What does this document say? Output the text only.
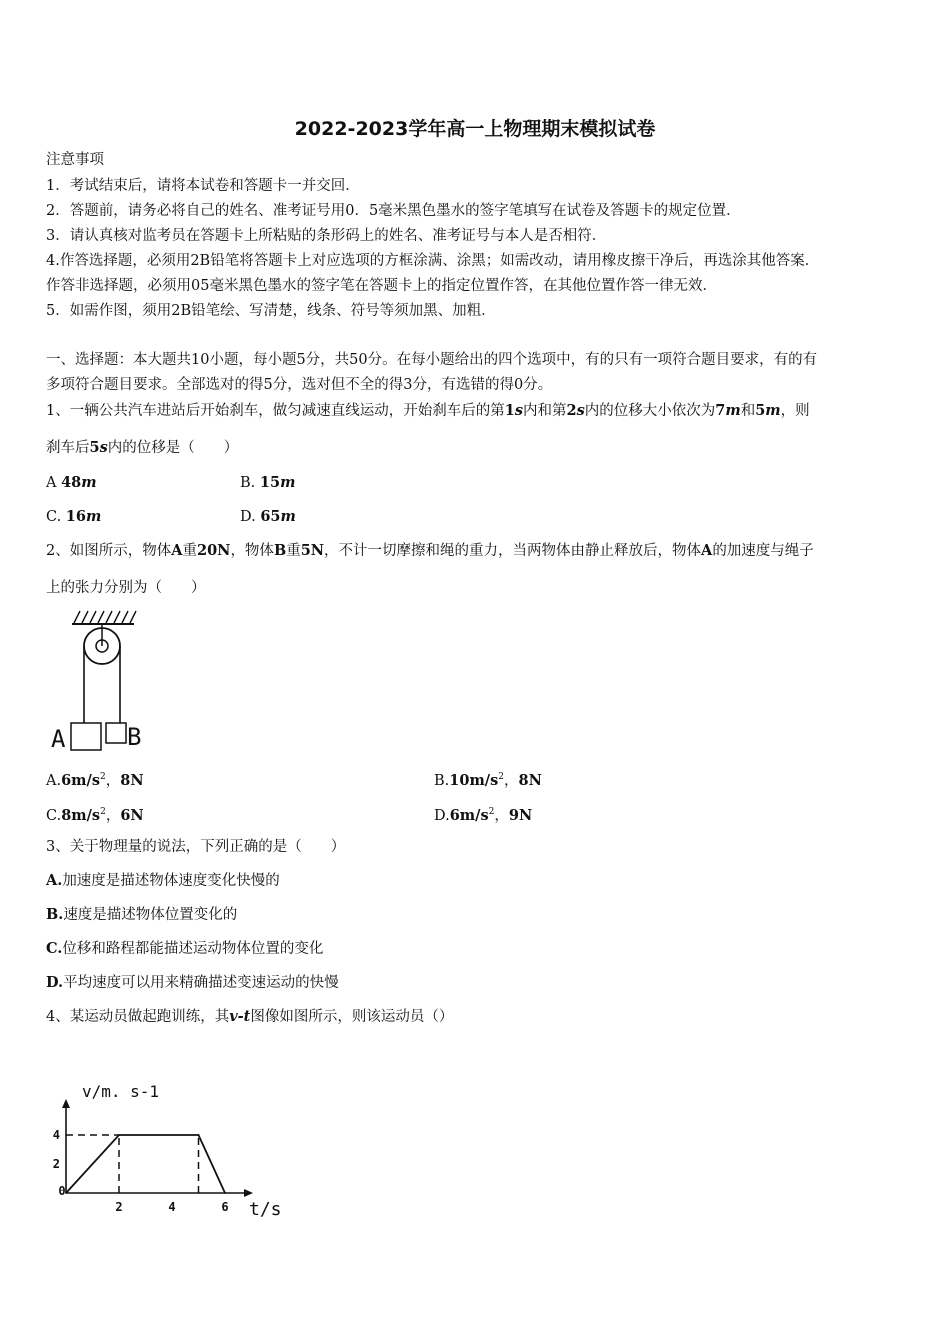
2022-2023学年高一上物理期末模拟试卷
注意事项
1．考试结束后，请将本试卷和答题卡一并交回．
2．答题前，请务必将自己的姓名、准考证号用0．5毫米黑色墨水的签字笔填写在试卷及答题卡的规定位置．
3．请认真核对监考员在答题卡上所粘贴的条形码上的姓名、准考证号与本人是否相符．
4.作答选择题，必须用2B铅笔将答题卡上对应选项的方框涂满、涂黑；如需改动，请用橡皮擦干净后，再选涂其他答案．
作答非选择题，必须用05毫米黑色墨水的签字笔在答题卡上的指定位置作答，在其他位置作答一律无效．
5．如需作图，须用2B铅笔绘、写清楚，线条、符号等须加黑、加粗．
一、选择题：本大题共10小题，每小题5分，共50分。在每小题给出的四个选项中，有的只有一项符合题目要求，有的有
多项符合题目要求。全部选对的得5分，选对但不全的得3分，有选错的得0分。
1、一辆公共汽车进站后开始刹车，做匀减速直线运动，开始刹车后的第1s内和第2s内的位移大小依次为7m和5m，则
刹车后5s内的位移是（　　）
A 48m	B. 15m
C. 16m	D. 65m
2、如图所示，物体A重20N，物体B重5N，不计一切摩擦和绳的重力，当两物体由静止释放后，物体A的加速度与绳子
上的张力分别为（　　）
A	B
$A.6m/s^2$，8N	$B.10m/s^2$，8N
$C.8m/s^2$，6N	$D.6m/s^2$，9N
3、关于物理量的说法，下列正确的是（　　）
A.加速度是描述物体速度变化快慢的
B.速度是描述物体位置变化的
C.位移和路程都能描述运动物体位置的变化
D.平均速度可以用来精确描述变速运动的快慢
4、某运动员做起跑训练，其v-t图像如图所示，则该运动员（）
0
2	4	6
2
4
v/m. s-1
t/s
